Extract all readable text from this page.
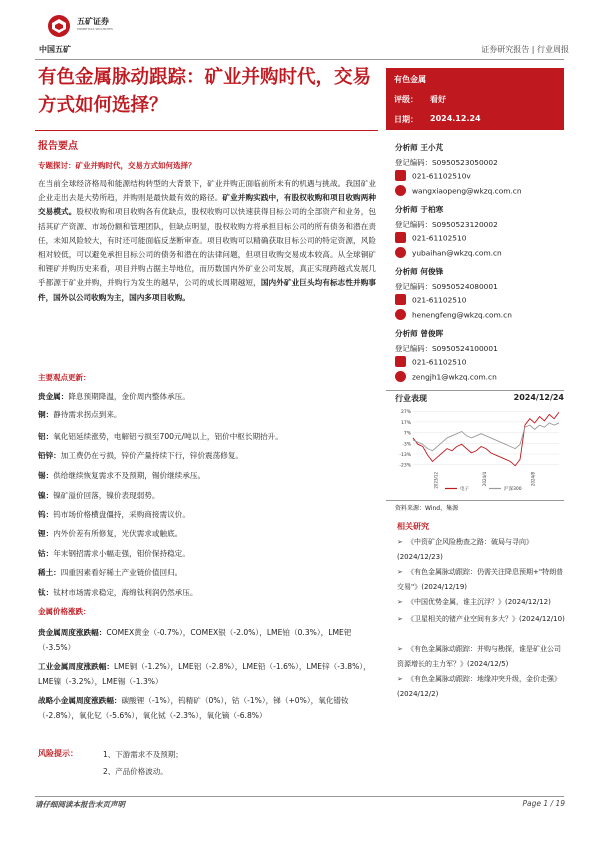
五矿证券
MINMETALS SECURITIES
中国五矿	证券研究报告 | 行业周报
有色金属脉动跟踪：矿业并购时代，交易方式如何选择？
有色金属
评级： 看好
日期： 2024.12.24
报告要点
专题探讨：矿业并购时代，交易方式如何选择？
在当前全球经济格局和能源结构转型的大背景下，矿业并购正面临前所未有的机遇与挑战。我国矿业企业走出去是大势所趋，并购则是最快最有效的路径。矿业并购实践中，有股权收购和项目收购两种交易模式。股权收购和项目收购各有优缺点，股权收购可以快速获得目标公司的全部资产和业务，包括其矿产资源、市场份额和管理团队，但缺点明显，股权收购方将承担目标公司的所有债务和潜在责任，未知风险较大，有时还可能面临反垄断审查。项目收购可以精确获取目标公司的特定资源，风险相对较低，可以避免承担目标公司的债务和潜在的法律问题，但项目收购交易成本较高。从全球铜矿和锂矿并购历史来看，项目并购占据主导地位，而历数国内外矿业公司发展，真正实现跨越式发展几乎都源于矿业并购，并购行为发生的越早，公司的成长周期越短，国内外矿业巨头均有标志性并购事件，国外以公司收购为主，国内多项目收购。
主要观点更新：
贵金属：降息预期降温，金价周内整体承压。
铜：静待需求拐点到来。
铝：氧化铝延续涨势，电解铝亏损至700元/吨以上，铝价中枢长期抬升。
铅锌：加工费仍在亏损，锌价产量持续下行，锌价震荡修复。
锡：供给继续恢复需求不及预期，锡价继续承压。
镍：镍矿溢价回落，镍价表现弱势。
钨：钨市场价格横盘僵持，采购商接需议价。
锂：内外价差有所修复，光伏需求或触底。
钴：年末钢招需求小幅走强，钼价保持稳定。
稀土：四重因素看好稀土产业链价值回归。
钛：钛材市场需求稳定，海绵钛利润仍然承压。
金属价格涨跌：
贵金属周度涨跌幅：COMEX黄金（-0.7%），COMEX银（-2.0%），LME铂（0.3%），LME钯（-3.5%）
工业金属周度涨跌幅：LME铜（-1.2%），LME铝（-2.8%），LME铅（-1.6%），LME锌（-3.8%），LME镍（-3.2%），LME锡（-1.3%）
战略小金属周度涨跌幅：碳酸锂（-1%），钨精矿（0%），钴（-1%），锑（+0%），氧化镨钕（-2.8%），氧化钇（-5.6%），氧化铽（-2.3%），氧化镝（-6.8%）
风险提示：	1、下游需求不及预期；
2、产品价格波动。
分析师 王小芃
登记编码：S0950523050002
021-61102510v
wangxiaopeng@wkzq.com.cn
分析师 于柏寒
登记编码：S0950523120002
021-61102510
yubaihan@wkzq.com.cn
分析师 何俊锋
登记编码：S0950524080001
021-61102510
henengfeng@wkzq.com.cn
分析师 曾俊晖
登记编码：S0950524100001
021-61102510
zengjh1@wkzq.com.cn
行业表现	2024/12/24
27%
17%
7%
-3%
-13%
-23%
2023/12	2024/4	2024/8
电子	沪深300
资料来源：Wind，集源
相关研究
➢ 《中资矿企风险勘查之路：破局与寻向》(2024/12/23)
➢ 《有色金属脉动跟踪：仍需关注降息预期+"特朗普交易"》(2024/12/19)
➢ 《中国优势金属，谁主沉浮？》(2024/12/12)
➢ 《卫星相关的锗产业空间有多大？》(2024/12/10)
➢ 《有色金属脉动跟踪：并购与勘探，谁是矿业公司资源增长的主力军？》(2024/12/5)
➢ 《有色金属脉动跟踪：地缘冲突升级，金价走强》(2024/12/2)
请仔细阅读本报告末页声明	Page 1 / 19
